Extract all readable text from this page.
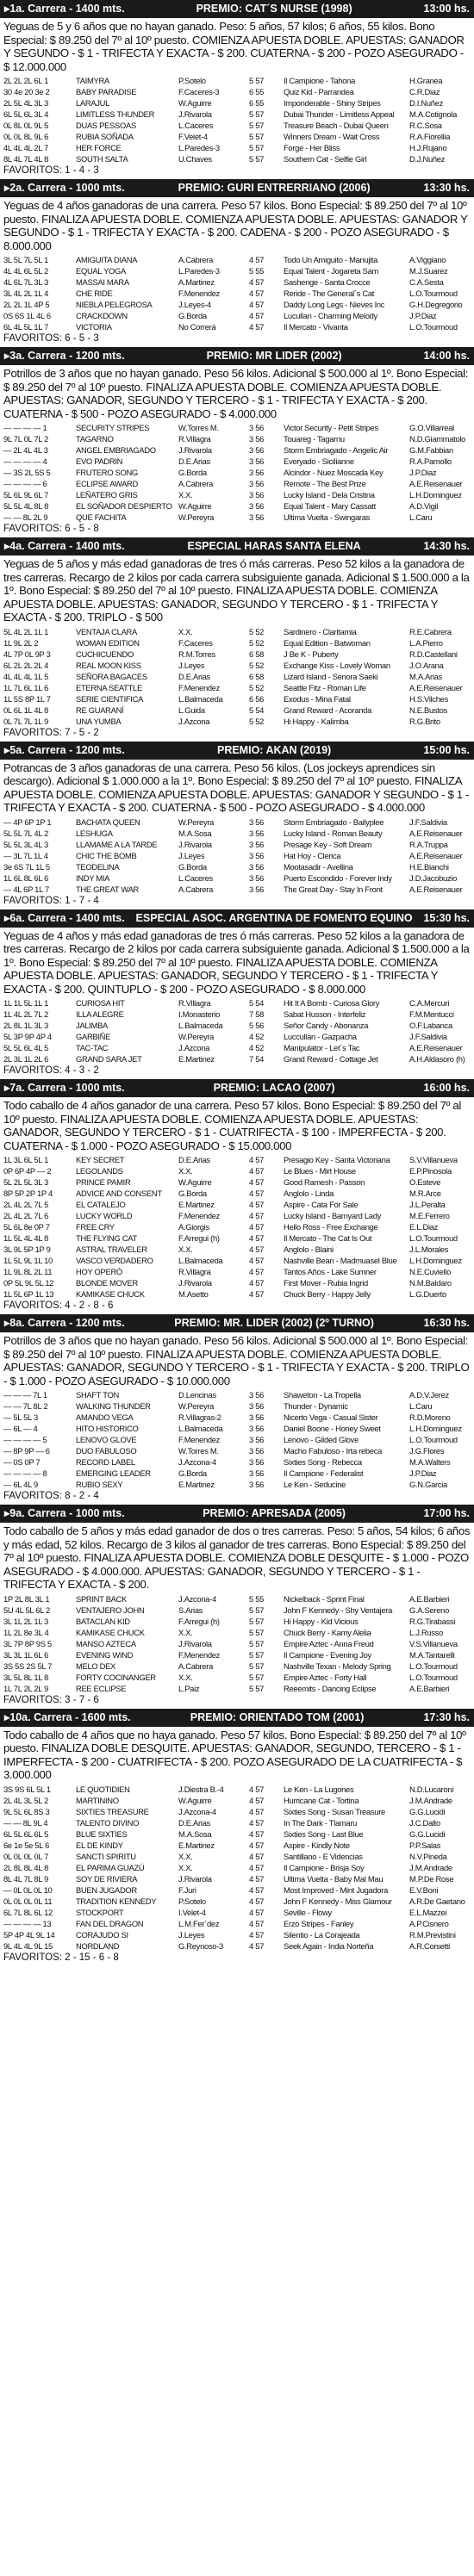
▸1a. Carrera - 1400 mts.	PREMIO: CAT´S NURSE (1998)	13:00 hs.
Yeguas de 5 y 6 años que no hayan ganado. Peso: 5 años, 57 kilos; 6 años, 55 kilos. Bono Especial: $ 89.250 del 7º al 10º puesto. COMIENZA APUESTA DOBLE. APUESTAS: GANADOR Y SEGUNDO - $ 1 - TRIFECTA Y EXACTA - $ 200. CUATERNA - $ 200 - POZO ASEGURADO - $ 12.000.000
2L 2L 2L 6L 1	TAIMYRA	P.Sotelo	5 57	Il Campione - Tahona	H.Granea
30 4e 20 3e 2	BABY PARADISE	F.Caceres-3	6 55	Quiz Kid - Parrandea	C.R.Diaz
2L 5L 4L 3L 3	LARAJUL	W.Aguirre	6 55	Imponderable - Shiny Stripes	D.I.Nuñez
6L 5L 6L 3L 4	LIMITLESS THUNDER	J.Rivarola	5 57	Dubai Thunder - Limitless Appeal	M.A.Cotignola
0L 8L 0L 9L 5	DUAS PESSOAS	L.Caceres	5 57	Treasure Beach - Dubai Queen	R.C.Sosa
0L 0L 8L 9L 6	RUBIA SOÑADA	F.Velet-4	5 57	Winners Dream - Wait Cross	R.A.Fiorellia
4L 4L 4L 2L 7	HER FORCE	L.Paredes-3	5 57	Forge - Her Bliss	H.J.Rujano
8L 4L 7L 4L 8	SOUTH SALTA	U.Chaves	5 57	Southern Cat - Selfie Girl	D.J.Nuñez
FAVORITOS: 1 - 4 - 3
▸2a. Carrera - 1000 mts.	PREMIO: GURI ENTRERRIANO (2006)	13:30 hs.
Yeguas de 4 años ganadoras de una carrera. Peso 57 kilos. Bono Especial: $ 89.250 del 7º al 10º puesto. FINALIZA APUESTA DOBLE. COMIENZA APUESTA DOBLE. APUESTAS: GANADOR Y SEGUNDO - $ 1 - TRIFECTA Y EXACTA - $ 200. CADENA - $ 200 - POZO ASEGURADO - $ 8.000.000
3L 5L 7L 5L 1	AMIGUITA DIANA	A.Cabrera	4 57	Todo Un Amiguito - Manujita	A.Viggiano
4L 4L 6L 5L 2	EQUAL YOGA	L.Paredes-3	5 55	Equal Talent - Jogareta Sam	M.J.Suarez
4L 6L 7L 3L 3	MASSAI MARA	A.Martinez	4 57	Sashenge - Santa Crocce	C.A.Sesta
3L 4L 2L 1L 4	CHE RIDE	F.Menendez	4 57	Reride - The General´s Cat	L.O.Tourmoud
2L 2L 1L 4P 5	NIEBLA PELEGROSA	J.Leyes-4	4 57	Daddy Long Legs - Nieves Inc	G.H.Degregorio
0S 6S 1L 4L 6	CRACKDOWN	G.Borda	4 57	Lucullan - Charming Melody	J.P.Diaz
6L 4L 5L 1L 7	VICTORIA	No Correrá	4 57	Il Mercato - Vivanta	L.O.Tourmoud
FAVORITOS: 6 - 5 - 3
▸3a. Carrera - 1200 mts.	PREMIO: MR LIDER (2002)	14:00 hs.
Potrillos de 3 años que no hayan ganado. Peso 56 kilos. Adicional $ 500.000 al 1º. Bono Especial: $ 89.250 del 7º al 10º puesto. FINALIZA APUESTA DOBLE. COMIENZA APUESTA DOBLE. APUESTAS: GANADOR, SEGUNDO Y TERCERO - $ 1 - TRIFECTA Y EXACTA - $ 200. CUATERNA - $ 500 - POZO ASEGURADO - $ 4.000.000
— — — — 1	SECURITY STRIPES	W.Torres M.	3 56	Victor Security - Petit Stripes	G.O.Villarreal
9L 7L 0L 7L 2	TAGARNO	R.Villagra	3 56	Touareg - Tagarnu	N.D.Giammatolo
— 2L 4L 4L 3	ANGEL EMBRIAGADO	J.Rivarola	3 56	Storm Embriagado - Angelic Air	G.M.Fabbian
— — — — 4	EVO PADRIN	D.E.Arias	3 56	Everyado - Sicilianne	R.A.Pamollo
— 3S 2L 5S 5	FRUTERO SONG	G.Borda	3 56	Alcindor - Nuez Moscada Key	J.P.Diaz
— — — — 6	ECLIPSE AWARD	A.Cabrera	3 56	Remote - The Best Prize	A.E.Reisenauer
5L 6L 9L 6L 7	LEÑATERO GRIS	X.X.	3 56	Lucky Island - Dela Cristina	L.H.Dominguez
5L 5L 4L 8L 8	EL SOÑADOR DESPIERTO W.Aguirre	3 56	Equal Talent - Mary Cassatt	A.D.Vigil
— — 8L 2L 9	QUE FACHITA	W.Pereyra	3 56	Ultima Vuelta - Swingaras	L.Caru
FAVORITOS: 6 - 5 - 8
▸4a. Carrera - 1400 mts.	ESPECIAL HARAS SANTA ELENA	14:30 hs.
Yeguas de 5 años y más edad ganadoras de tres ó más carreras. Peso 52 kilos a la ganadora de tres carreras. Recargo de 2 kilos por cada carrera subsiguiente ganada. Adicional $ 1.500.000 a la 1º. Bono Especial: $ 89.250 del 7º al 10º puesto. FINALIZA APUESTA DOBLE. COMIENZA APUESTA DOBLE. APUESTAS: GANADOR, SEGUNDO Y TERCERO - $ 1 - TRIFECTA Y EXACTA - $ 200. TRIPLO - $ 500
5L 4L 2L 1L 1	VENTAJA CLARA	X.X.	5 52	Sardinero - Claritamia	R.E.Cabrera
1L 9L 2L 2	WOMAN EDITION	F.Caceres	5 52	Equal Edition - Batwoman	L.A.Pierro
4L 7P 0L 9P 3	CUCHICUENDO	R.M.Torres	6 58	J Be K - Puberty	R.D.Castellani
6L 2L 2L 2L 4	REAL MOON KISS	J.Leyes	5 52	Exchange Kiss - Lovely Woman	J.O.Arana
4L 4L 4L 1L 5	SEÑORA BAGACES	D.E.Arias	6 58	Lizard Island - Senora Saeki	M.A.Arias
1L 7L 6L 1L 6	ETERNA SEATTLE	F.Menendez	5 52	Seattle Fitz - Roman Life	A.E.Reisenauer
1L 5S 8P 1L 7	SERIE CIENTIFICA	L.Balmaceda	6 56	Exodus - Mina Fatal	H.S.Vilches
0L 6L 1L 4L 8	RE GUARANÍ	L.Guida	5 54	Grand Reward - Acoranda	N.E.Bustos
0L 7L 7L 1L 9	UNA YUMBA	J.Azcona	5 52	Hi Happy - Kalimba	R.G.Brito
FAVORITOS: 7 - 5 - 2
▸5a. Carrera - 1200 mts.	PREMIO: AKAN (2019)	15:00 hs.
Potrancas de 3 años ganadoras de una carrera. Peso 56 kilos. (Los jockeys aprendices sin descargo). Adicional $ 1.000.000 a la 1º. Bono Especial: $ 89.250 del 7º al 10º puesto. FINALIZA APUESTA DOBLE. COMIENZA APUESTA DOBLE. APUESTAS: GANADOR Y SEGUNDO - $ 1 - TRIFECTA Y EXACTA - $ 200. CUATERNA - $ 500 - POZO ASEGURADO - $ 4.000.000
— 4P 6P 1P 1	BACHATA QUEEN	W.Pereyra	3 56	Storm Embriagado - Bailyplee	J.F.Saldivia
5L 5L 7L 4L 2	LESHUGA	M.A.Sosa	3 56	Lucky Island - Roman Beauty	A.E.Reisenauer
5L 5L 3L 4L 3	LLAMAME A LA TARDE	J.Rivarola	3 56	Presage Key - Soft Dream	R.A.Truppa
— 3L 7L 1L 4	CHIC THE BOMB	J.Leyes	3 56	Hat Hoy - Clerica	A.E.Reisenauer
3e 6S 7L 1L 5	TEODELINA	G.Borda	3 56	Mootasadir - Avellina	H.E.Bianchi
1L 6L 8L 6L 6	INDY MIA	L.Caceres	3 56	Puerto Escondido - Forever Indy	J.D.Jacobuzio
— 4L 6P 1L 7	THE GREAT WAR	A.Cabrera	3 56	The Great Day - Stay In Front	A.E.Reisenauer
FAVORITOS: 1 - 7 - 4
▸6a. Carrera - 1400 mts.	ESPECIAL ASOC. ARGENTINA DE FOMENTO EQUINO	15:30 hs.
Yeguas de 4 años y más edad ganadoras de tres ó más carreras. Peso 52 kilos a la ganadora de tres carreras. Recargo de 2 kilos por cada carrera subsiguiente ganada. Adicional $ 1.500.000 a la 1º. Bono Especial: $ 89.250 del 7º al 10º puesto. FINALIZA APUESTA DOBLE. COMIENZA APUESTA DOBLE. APUESTAS: GANADOR, SEGUNDO Y TERCERO - $ 1 - TRIFECTA Y EXACTA - $ 200. QUINTUPLO - $ 200 - POZO ASEGURADO - $ 8.000.000
1L 1L 5L 1L 1	CURIOSA HIT	R.Villagra	5 54	Hit It A Bomb - Curiosa Glory	C.A.Mercuri
1L 4L 2L 7L 2	ILLA ALEGRE	I.Monasterio	7 58	Sabat Husson - Interfeliz	F.M.Mentucci
2L 8L 1L 3L 3	JALIMBA	L.Balmaceda	5 56	Señor Candy - Abonanza	O.F.Labanca
5L 3P 9P 4P 4	GARBIÑE	W.Pereyra	4 52	Luccullan - Gazpacha	J.F.Saldivia
5L 5L 6L 4L 5	TAC-TAC	J.Azcona	4 52	Manipulator - Let´s Tac	A.E.Reisenauer
2L 3L 1L 2L 6	GRAND SARA JET	E.Martinez	7 54	Grand Reward - Cottage Jet	A.H.Aldasoro (h)
FAVORITOS: 4 - 3 - 2
▸7a. Carrera - 1000 mts.	PREMIO: LACAO (2007)	16:00 hs.
Todo caballo de 4 años ganador de una carrera. Peso 57 kilos. Bono Especial: $ 89.250 del 7º al 10º puesto. FINALIZA APUESTA DOBLE. COMIENZA APUESTA DOBLE. APUESTAS: GANADOR, SEGUNDO Y TERCERO - $ 1 - CUATRIFECTA - $ 100 - IMPERFECTA - $ 200. CUATERNA - $ 1.000 - POZO ASEGURADO - $ 15.000.000
1L 3L 6L 5L 1	KEY SECRET	D.E.Arias	4 57	Presagio Key - Santa Victoriana	S.V.Villanueva
0P 6P 4P — 2	LEGOLANDS	X.X.	4 57	Le Blues - Mirt House	E.P.Pinosola
5L 2L 5L 3L 3	PRINCE PAMIR	W.Aguirre	4 57	Good Ramesh - Passon	O.Esteve
8P 5P 2P 1P 4	ADVICE AND CONSENT	G.Borda	4 57	Anglolo - Linda	M.R.Arce
2L 4L 2L 7L 5	EL CATALEJO	E.Martinez	4 57	Aspire - Cata For Sale	J.L.Peralta
2L 4L 2L 7L 6	LUCKY WORLD	F.Menendez	4 57	Lucky Island - Barnyard Lady	M.E.Ferrero
5L 6L 8e 0P 7	FREE CRY	A.Giorgis	4 57	Hello Ross - Free Exchange	E.L.Diaz
1L 5L 4L 4L 8	THE FLYING CAT	F.Arregui (h)	4 57	Il Mercato - The Cat Is Out	L.O.Tourmoud
3L 9L 5P 1P 9	ASTRAL TRAVELER	X.X.	4 57	Anglolo - Blaini	J.L.Morales
1L 5L 9L 1L 10	VASCO VERDADERO	L.Balmaceda	4 57	Nashville Bean - Madmuasel Blue	L.H.Dominguez
1L 9L 8L 2L 11	HOY OPERÓ	R.Villagra	4 57	Tantos Años - Lake Sumner	N.E.Cuviello
0P 5L 9L 5L 12	BLONDE MOVER	J.Rivarola	4 57	First Mover - Rubia Ingrid	N.M.Baldaro
1L 5L 6P 1L 13	KAMIKASE CHUCK	M.Asetto	4 57	Chuck Berry - Happy Jelly	L.G.Duerto
FAVORITOS: 4 - 2 - 8 - 6
▸8a. Carrera - 1200 mts.	PREMIO: MR. LIDER (2002) (2º TURNO)	16:30 hs.
Potrillos de 3 años que no hayan ganado. Peso 56 kilos. Adicional $ 500.000 al 1º. Bono Especial: $ 89.250 del 7º al 10º puesto. FINALIZA APUESTA DOBLE. COMIENZA APUESTA DOBLE. APUESTAS: GANADOR, SEGUNDO Y TERCERO - $ 1 - TRIFECTA Y EXACTA - $ 200. TRIPLO - $ 1.000 - POZO ASEGURADO - $ 10.000.000
— — — 7L 1	SHAFT TON	D.Lencinas	3 56	Shaweton - La Tropella	A.D.V.Jerez
— — 7L 8L 2	WALKING THUNDER	W.Pereyra	3 56	Thunder - Dynamic	L.Caru
— 5L 5L 3	AMANDO VEGA	R.Villagras-2	3 56	Nicerto Vega - Casual Sister	R.D.Moreno
— 6L — 4	HITO HISTORICO	L.Balmaceda	3 56	Daniel Boone - Honey Sweet	L.H.Dominguez
— — — — 5	LENOVO GLOVE	F.Menendez	3 56	Lenovo - Gilded Glove	L.O.Tourmoud
— 8P 9P — 6	DUO FABULOSO	W.Torres M.	3 56	Macho Fabuloso - Irta rebeca	J.G.Flores
— 0S 0P 7	RECORD LABEL	J.Azcona-4	3 56	Sixties Song - Rebecca	M.A.Walters
— — — — 8	EMERGING LEADER	G.Borda	3 56	Il Campione - Federalist	J.P.Diaz
— 6L 4L 9	RUBIO SEXY	E.Martinez	3 56	Le Ken - Seducine	G.N.Garcia
FAVORITOS: 8 - 2 - 4
▸9a. Carrera - 1000 mts.	PREMIO: APRESADA (2005)	17:00 hs.
Todo caballo de 5 años y más edad ganador de dos o tres carreras. Peso: 5 años, 54 kilos; 6 años y más edad, 52 kilos. Recargo de 3 kilos al ganador de tres carreras. Bono Especial: $ 89.250 del 7º al 10º puesto. FINALIZA APUESTA DOBLE. COMIENZA DOBLE DESQUITE - $ 1.000 - POZO ASEGURADO - $ 4.000.000. APUESTAS: GANADOR, SEGUNDO Y TERCERO - $ 1 - TRIFECTA Y EXACTA - $ 200.
1P 2L 8L 3L 1	SPRINT BACK	J.Azcona-4	5 55	Nickelback - Sprint Final	A.E.Barbieri
5U 4L 5L 6L 2	VENTAJERO JOHN	S.Arias	5 57	John F Kennedy - Shy Ventajera	G.A.Sereno
3L 1L 2L 1L 3	BATACLAN KID	F.Arregui (h)	5 57	Hi Happy - Kid Vicious	R.G.Tirabassi
1L 2L 8e 3L 4	KAMIKASE CHUCK	X.X.	5 57	Chuck Berry - Kamy Alelia	L.J.Russo
3L 7P 8P 9S 5	MANSO AZTECA	J.Rivarola	5 57	Empire Aztec - Anna Freud	V.S.Villanueva
3L 3L 1L 6L 6	EVENING WIND	F.Menendez	5 57	Il Campione - Evening Joy	M.A.Tantarelli
3S 5S 2S 5L 7	MELO DEX	A.Cabrera	5 57	Nashville Texan - Melody Spring	L.O.Tourmoud
3L 5L 8L 1L 8	FORTY COCINANGER	X.X.	5 57	Empire Aztec - Forty Hall	L.O.Tourmoud
1L 7L 2L 2L 9	REE ECLIPSE	L.Paiz	5 57	Reeemits - Dancing Eclipse	A.E.Barbieri
FAVORITOS: 3 - 7 - 6
▸10a. Carrera - 1600 mts.	PREMIO: ORIENTADO TOM (2001)	17:30 hs.
Todo caballo de 4 años que no haya ganado. Peso 57 kilos. Bono Especial: $ 89.250 del 7º al 10º puesto. FINALIZA DOBLE DESQUITE. APUESTAS: GANADOR, SEGUNDO, TERCERO - $ 1 - IMPERFECTA - $ 200 - CUATRIFECTA - $ 200. POZO ASEGURADO DE LA CUATRIFECTA - $ 3.000.000
3S 9S 6L 5L 1	LE QUOTIDIEN	J.Diestra B.-4	4 57	Le Ken - La Lugones	N.D.Lucaroni
2L 4L 3L 5L 2	MARTININO	W.Aguirre	4 57	Hurricane Cat - Tortina	J.M.Andrade
9L 5L 6L 8S 3	SIXTIES TREASURE	J.Azcona-4	4 57	Sixties Song - Susan Treasure	G.G.Lucidi
— — 8L 9L 4	TALENTO DIVINO	D.E.Arias	4 57	In The Dark - Tlamaru	J.C.Dalto
6L 5L 6L 6L 5	BLUE SIXTIES	M.A.Sosa	4 57	Sixties Song - Last Blue	G.G.Lucidi
6e 1e 5e 5L 6	EL DE KINDY	E.Martinez	4 57	Aspire - Kindly Note	P.P.Salas
0L 0L 0L 0L 7	SANCTI SPIRITU	X.X.	4 57	Santillano - E Videncias	N.V.Pineda
2L 8L 8L 4L 8	EL PARIMA GUAZÚ	X.X.	4 57	Il Campione - Brisja Soy	J.M.Andrade
8L 4L 7L 8L 9	SOY DE RIVIERA	J.Rivarola	4 57	Ultima Vuelta - Baby Mal Mau	M.P.De Rose
— 0L 0L 0L 10	BUEN JUGADOR	F.Juri	4 57	Most Improved - Mint Jugadora	E.V.Boni
0L 0L 0L 0L 11	TRADITION KENNEDY	P.Sotelo	4 57	John F Kennedy - Miss Glamour	A.R.De Gaetano
6L 7L 8L 6L 12	STOCKPORT	I.Velet-4	4 57	Seville - Flowy	E.L.Mazzei
— — — — 13	FAN DEL DRAGON	L.M.Fer´dez	4 57	Erzo Stripes - Fanley	A.P.Cisnero
5P 4P 4L 9L 14	CORAJUDO SI	J.Leyes	4 57	Silentio - La Corajeada	R.M.Previstini
9L 4L 4L 9L 15	NORDLAND	G.Reynoso-3	4 57	Seek Again - India Norteña	A.R.Corsetti
FAVORITOS: 2 - 15 - 6 - 8
